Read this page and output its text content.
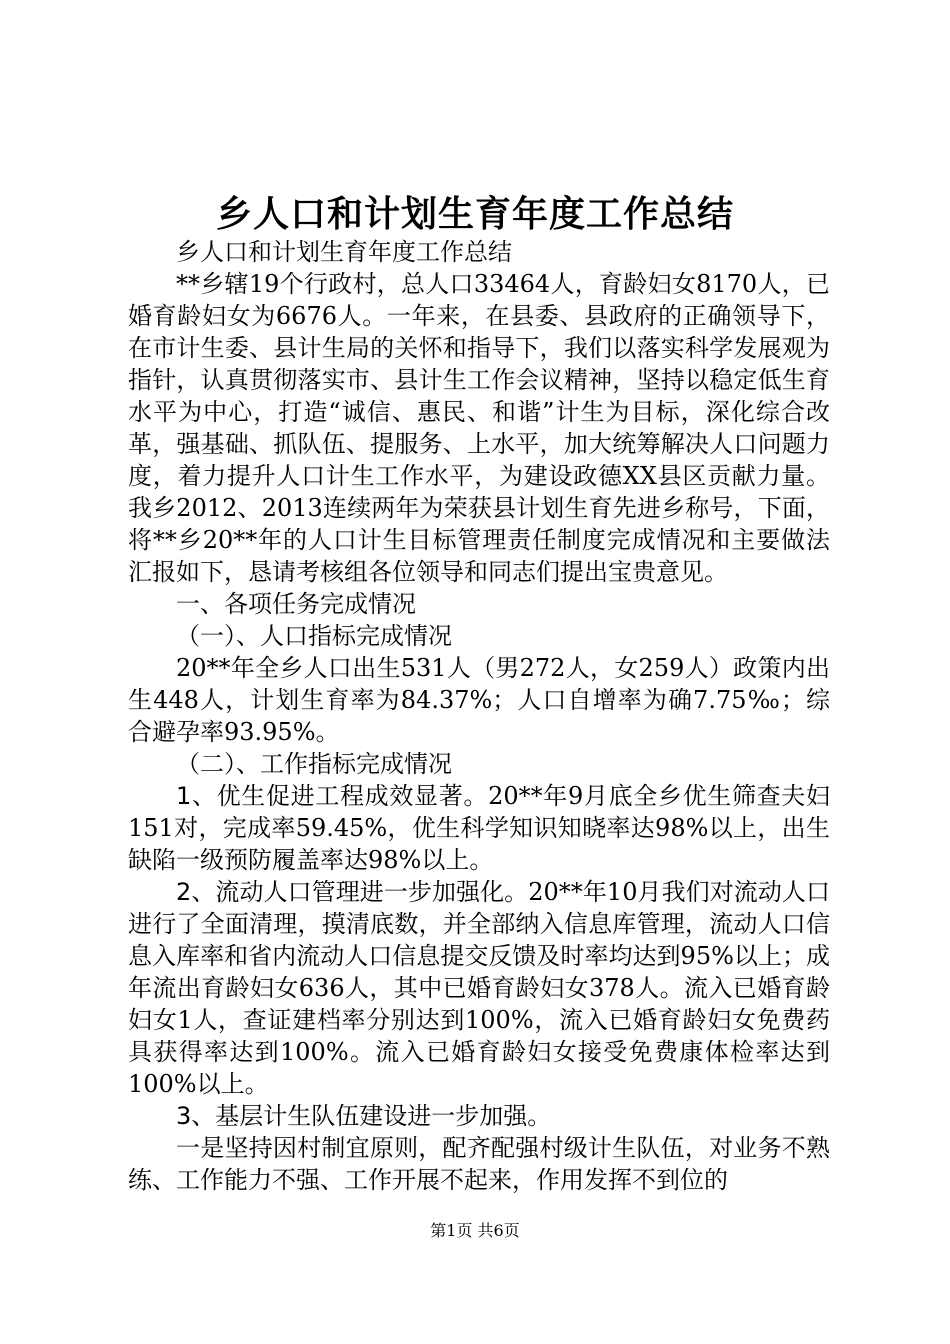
乡人口和计划生育年度工作总结

乡人口和计划生育年度工作总结

**乡辖19个行政村，总人口33464人，育龄妇女8170人，已婚育龄妇女为6676人。一年来，在县委、县政府的正确领导下，在市计生委、县计生局的关怀和指导下，我们以落实科学发展观为指针，认真贯彻落实市、县计生工作会议精神，坚持以稳定低生育水平为中心，打造“诚信、惠民、和谐”计生为目标，深化综合改革，强基础、抓队伍、提服务、上水平，加大统筹解决人口问题力度，着力提升人口计生工作水平，为建设政德XX县区贡献力量。我乡2012、2013连续两年为荣获县计划生育先进乡称号，下面，将**乡20**年的人口计生目标管理责任制度完成情况和主要做法汇报如下，恳请考核组各位领导和同志们提出宝贵意见。

一、各项任务完成情况

（一）、人口指标完成情况

20**年全乡人口出生531人（男272人，女259人）政策内出生448人，计划生育率为84.37%；人口自增率为确7.75‰；综合避孕率93.95%。

（二）、工作指标完成情况

1、优生促进工程成效显著。20**年9月底全乡优生筛查夫妇151对，完成率59.45%，优生科学知识知晓率达98%以上，出生缺陷一级预防履盖率达98%以上。

2、流动人口管理进一步加强化。20**年10月我们对流动人口进行了全面清理，摸清底数，并全部纳入信息库管理，流动人口信息入库率和省内流动人口信息提交反馈及时率均达到95%以上；成年流出育龄妇女636人，其中已婚育龄妇女378人。流入已婚育龄妇女1人，查证建档率分别达到100%，流入已婚育龄妇女免费药具获得率达到100%。流入已婚育龄妇女接受免费康体检率达到100%以上。

3、基层计生队伍建设进一步加强。

一是坚持因村制宜原则，配齐配强村级计生队伍，对业务不熟练、工作能力不强、工作开展不起来，作用发挥不到位的

第1页 共6页
